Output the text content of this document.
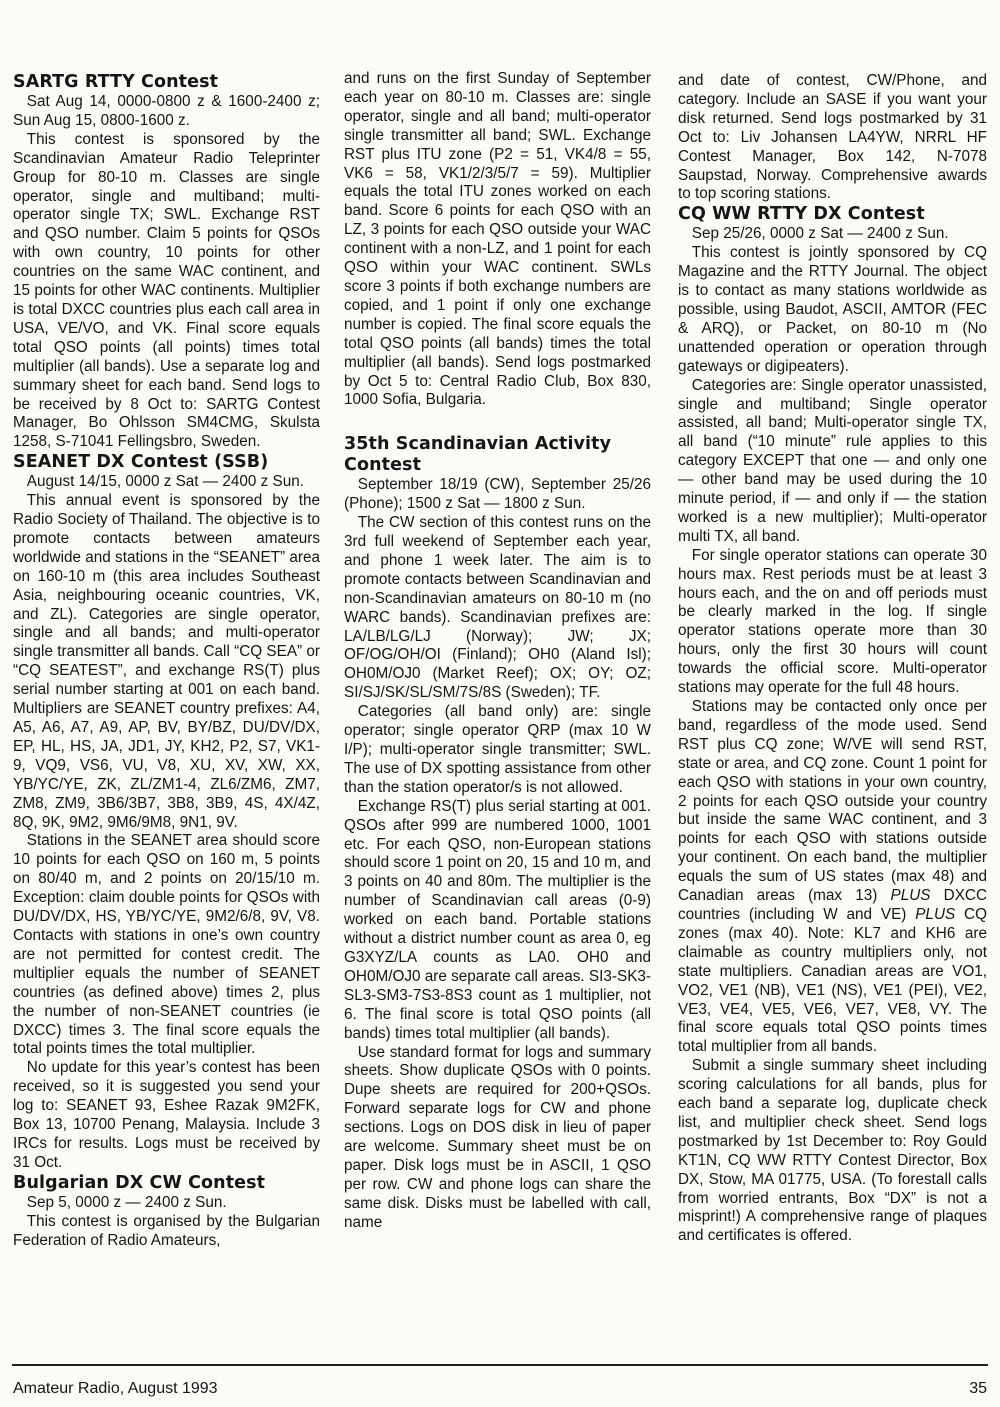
SARTG RTTY Contest

Sat Aug 14, 0000-0800 z & 1600-2400 z; Sun Aug 15, 0800-1600 z.

This contest is sponsored by the Scandinavian Amateur Radio Teleprinter Group for 80-10 m. Classes are single operator, single and multiband; multi-operator single TX; SWL. Exchange RST and QSO number. Claim 5 points for QSOs with own country, 10 points for other countries on the same WAC continent, and 15 points for other WAC continents. Multiplier is total DXCC countries plus each call area in USA, VE/VO, and VK. Final score equals total QSO points (all points) times total multiplier (all bands). Use a separate log and summary sheet for each band. Send logs to be received by 8 Oct to: SARTG Contest Manager, Bo Ohlsson SM4CMG, Skulsta 1258, S-71041 Fellingsbro, Sweden.

SEANET DX Contest (SSB)

August 14/15, 0000 z Sat — 2400 z Sun.

This annual event is sponsored by the Radio Society of Thailand. The objective is to promote contacts between amateurs worldwide and stations in the “SEANET” area on 160-10 m (this area includes Southeast Asia, neighbouring oceanic countries, VK, and ZL). Categories are single operator, single and all bands; and multi-operator single transmitter all bands. Call “CQ SEA” or “CQ SEATEST”, and exchange RS(T) plus serial number starting at 001 on each band. Multipliers are SEANET country prefixes: A4, A5, A6, A7, A9, AP, BV, BY/BZ, DU/DV/DX, EP, HL, HS, JA, JD1, JY, KH2, P2, S7, VK1-9, VQ9, VS6, VU, V8, XU, XV, XW, XX, YB/YC/YE, ZK, ZL/ZM1-4, ZL6/ZM6, ZM7, ZM8, ZM9, 3B6/3B7, 3B8, 3B9, 4S, 4X/4Z, 8Q, 9K, 9M2, 9M6/9M8, 9N1, 9V.

Stations in the SEANET area should score 10 points for each QSO on 160 m, 5 points on 80/40 m, and 2 points on 20/15/10 m. Exception: claim double points for QSOs with DU/DV/DX, HS, YB/YC/YE, 9M2/6/8, 9V, V8. Contacts with stations in one’s own country are not permitted for contest credit. The multiplier equals the number of SEANET countries (as defined above) times 2, plus the number of non-SEANET countries (ie DXCC) times 3. The final score equals the total points times the total multiplier.

No update for this year’s contest has been received, so it is suggested you send your log to: SEANET 93, Eshee Razak 9M2FK, Box 13, 10700 Penang, Malaysia. Include 3 IRCs for results. Logs must be received by 31 Oct.

Bulgarian DX CW Contest

Sep 5, 0000 z — 2400 z Sun.

This contest is organised by the Bulgarian Federation of Radio Amateurs,

and runs on the first Sunday of September each year on 80-10 m. Classes are: single operator, single and all band; multi-operator single transmitter all band; SWL. Exchange RST plus ITU zone (P2 = 51, VK4/8 = 55, VK6 = 58, VK1/2/3/5/7 = 59). Multiplier equals the total ITU zones worked on each band. Score 6 points for each QSO with an LZ, 3 points for each QSO outside your WAC continent with a non-LZ, and 1 point for each QSO within your WAC continent. SWLs score 3 points if both exchange numbers are copied, and 1 point if only one exchange number is copied. The final score equals the total QSO points (all bands) times the total multiplier (all bands). Send logs postmarked by Oct 5 to: Central Radio Club, Box 830, 1000 Sofia, Bulgaria.

35th Scandinavian Activity Contest

September 18/19 (CW), September 25/26 (Phone); 1500 z Sat — 1800 z Sun.

The CW section of this contest runs on the 3rd full weekend of September each year, and phone 1 week later. The aim is to promote contacts between Scandinavian and non-Scandinavian amateurs on 80-10 m (no WARC bands). Scandinavian prefixes are: LA/LB/LG/LJ (Norway); JW; JX; OF/OG/OH/OI (Finland); OH0 (Aland Isl); OH0M/OJ0 (Market Reef); OX; OY; OZ; SI/SJ/SK/SL/SM/7S/8S (Sweden); TF.

Categories (all band only) are: single operator; single operator QRP (max 10 W I/P); multi-operator single transmitter; SWL. The use of DX spotting assistance from other than the station operator/s is not allowed.

Exchange RS(T) plus serial starting at 001. QSOs after 999 are numbered 1000, 1001 etc. For each QSO, non-European stations should score 1 point on 20, 15 and 10 m, and 3 points on 40 and 80m. The multiplier is the number of Scandinavian call areas (0-9) worked on each band. Portable stations without a district number count as area 0, eg G3XYZ/LA counts as LA0. OH0 and OH0M/OJ0 are separate call areas. SI3-SK3-SL3-SM3-7S3-8S3 count as 1 multiplier, not 6. The final score is total QSO points (all bands) times total multiplier (all bands).

Use standard format for logs and summary sheets. Show duplicate QSOs with 0 points. Dupe sheets are required for 200+QSOs. Forward separate logs for CW and phone sections. Logs on DOS disk in lieu of paper are welcome. Summary sheet must be on paper. Disk logs must be in ASCII, 1 QSO per row. CW and phone logs can share the same disk. Disks must be labelled with call, name

and date of contest, CW/Phone, and category. Include an SASE if you want your disk returned. Send logs postmarked by 31 Oct to: Liv Johansen LA4YW, NRRL HF Contest Manager, Box 142, N-7078 Saupstad, Norway. Comprehensive awards to top scoring stations.

CQ WW RTTY DX Contest

Sep 25/26, 0000 z Sat — 2400 z Sun.

This contest is jointly sponsored by CQ Magazine and the RTTY Journal. The object is to contact as many stations worldwide as possible, using Baudot, ASCII, AMTOR (FEC & ARQ), or Packet, on 80-10 m (No unattended operation or operation through gateways or digipeaters).

Categories are: Single operator unassisted, single and multiband; Single operator assisted, all band; Multi-operator single TX, all band (“10 minute” rule applies to this category EXCEPT that one — and only one — other band may be used during the 10 minute period, if — and only if — the station worked is a new multiplier); Multi-operator multi TX, all band.

For single operator stations can operate 30 hours max. Rest periods must be at least 3 hours each, and the on and off periods must be clearly marked in the log. If single operator stations operate more than 30 hours, only the first 30 hours will count towards the official score. Multi-operator stations may operate for the full 48 hours.

Stations may be contacted only once per band, regardless of the mode used. Send RST plus CQ zone; W/VE will send RST, state or area, and CQ zone. Count 1 point for each QSO with stations in your own country, 2 points for each QSO outside your country but inside the same WAC continent, and 3 points for each QSO with stations outside your continent. On each band, the multiplier equals the sum of US states (max 48) and Canadian areas (max 13) PLUS DXCC countries (including W and VE) PLUS CQ zones (max 40). Note: KL7 and KH6 are claimable as country multipliers only, not state multipliers. Canadian areas are VO1, VO2, VE1 (NB), VE1 (NS), VE1 (PEI), VE2, VE3, VE4, VE5, VE6, VE7, VE8, VY. The final score equals total QSO points times total multiplier from all bands.

Submit a single summary sheet including scoring calculations for all bands, plus for each band a separate log, duplicate check list, and multiplier check sheet. Send logs postmarked by 1st December to: Roy Gould KT1N, CQ WW RTTY Contest Director, Box DX, Stow, MA 01775, USA. (To forestall calls from worried entrants, Box “DX” is not a misprint!) A comprehensive range of plaques and certificates is offered.

Amateur Radio, August 1993	35
